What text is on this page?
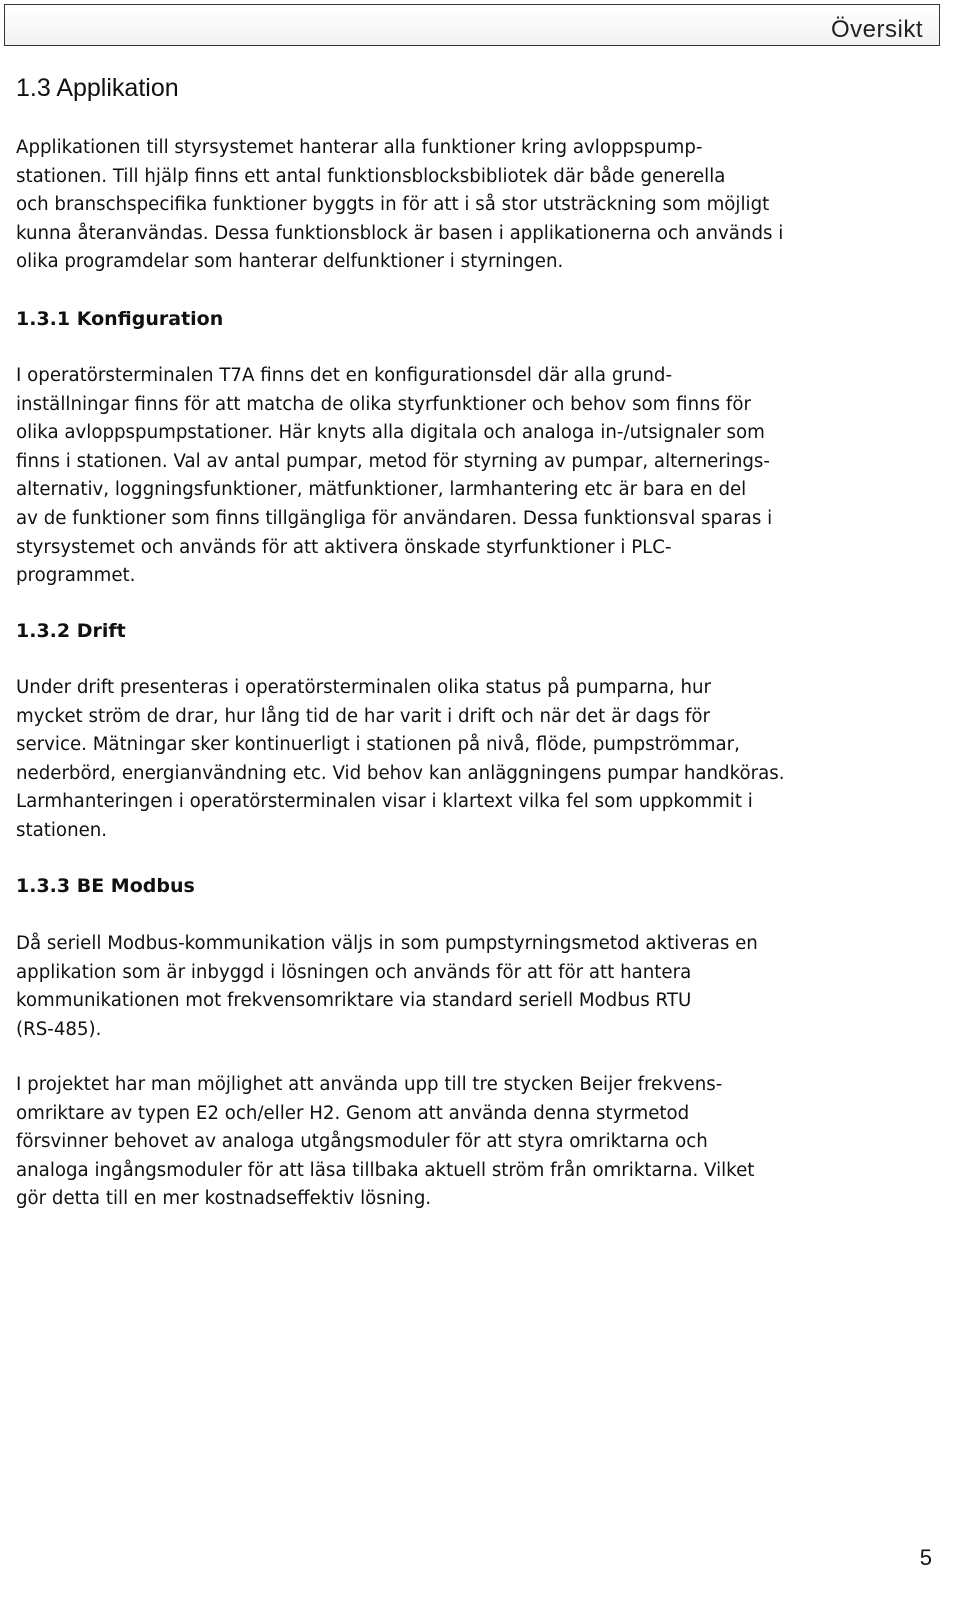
Översikt
1.3 Applikation

Applikationen till styrsystemet hanterar alla funktioner kring avloppspump-
stationen. Till hjälp finns ett antal funktionsblocksbibliotek där både generella
och branschspecifika funktioner byggts in för att i så stor utsträckning som möjligt
kunna återanvändas. Dessa funktionsblock är basen i applikationerna och används i
olika programdelar som hanterar delfunktioner i styrningen.

1.3.1 Konfiguration

I operatörsterminalen T7A finns det en konfigurationsdel där alla grund-
inställningar finns för att matcha de olika styrfunktioner och behov som finns för
olika avloppspumpstationer. Här knyts alla digitala och analoga in-/utsignaler som
finns i stationen. Val av antal pumpar, metod för styrning av pumpar, alternerings-
alternativ, loggningsfunktioner, mätfunktioner, larmhantering etc är bara en del
av de funktioner som finns tillgängliga för användaren. Dessa funktionsval sparas i
styrsystemet och används för att aktivera önskade styrfunktioner i PLC-
programmet.

1.3.2 Drift

Under drift presenteras i operatörsterminalen olika status på pumparna, hur
mycket ström de drar, hur lång tid de har varit i drift och när det är dags för
service. Mätningar sker kontinuerligt i stationen på nivå, flöde, pumpströmmar,
nederbörd, energianvändning etc. Vid behov kan anläggningens pumpar handköras.
Larmhanteringen i operatörsterminalen visar i klartext vilka fel som uppkommit i
stationen.

1.3.3 BE Modbus

Då seriell Modbus-kommunikation väljs in som pumpstyrningsmetod aktiveras en
applikation som är inbyggd i lösningen och används för att för att hantera
kommunikationen mot frekvensomriktare via standard seriell Modbus RTU
(RS-485).

I projektet har man möjlighet att använda upp till tre stycken Beijer frekvens-
omriktare av typen E2 och/eller H2. Genom att använda denna styrmetod
försvinner behovet av analoga utgångsmoduler för att styra omriktarna och
analoga ingångsmoduler för att läsa tillbaka aktuell ström från omriktarna. Vilket
gör detta till en mer kostnadseffektiv lösning.

5
